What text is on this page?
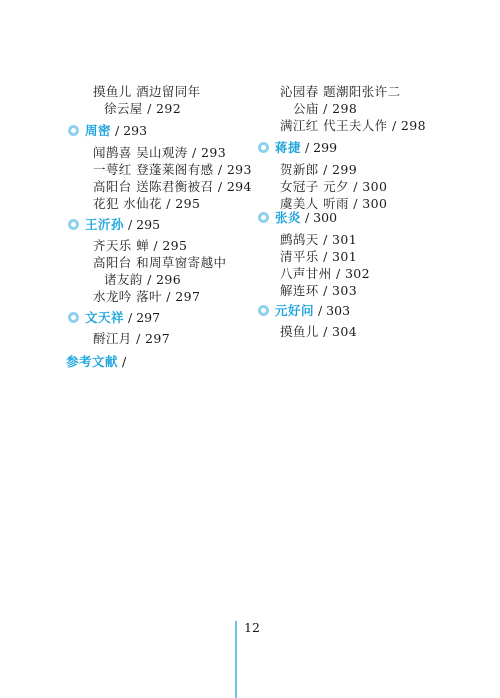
摸鱼儿 酒边留同年
徐云屋 / 292
周密 / 293
闻鹊喜 吴山观涛 / 293
一萼红 登蓬莱阁有感 / 293
高阳台 送陈君衡被召 / 294
花犯 水仙花 / 295
王沂孙 / 295
齐天乐 蝉 / 295
高阳台 和周草窗寄越中
诸友韵 / 296
水龙吟 落叶 / 297
文天祥 / 297
酹江月 / 297
沁园春 题潮阳张许二
公庙 / 298
满江红 代王夫人作 / 298
蒋捷 / 299
贺新郎 / 299
女冠子 元夕 / 300
虞美人 听雨 / 300
张炎 / 300
鹧鸪天 / 301
清平乐 / 301
八声甘州 / 302
解连环 / 303
元好问 / 303
摸鱼儿 / 304
参考文献 /
12
